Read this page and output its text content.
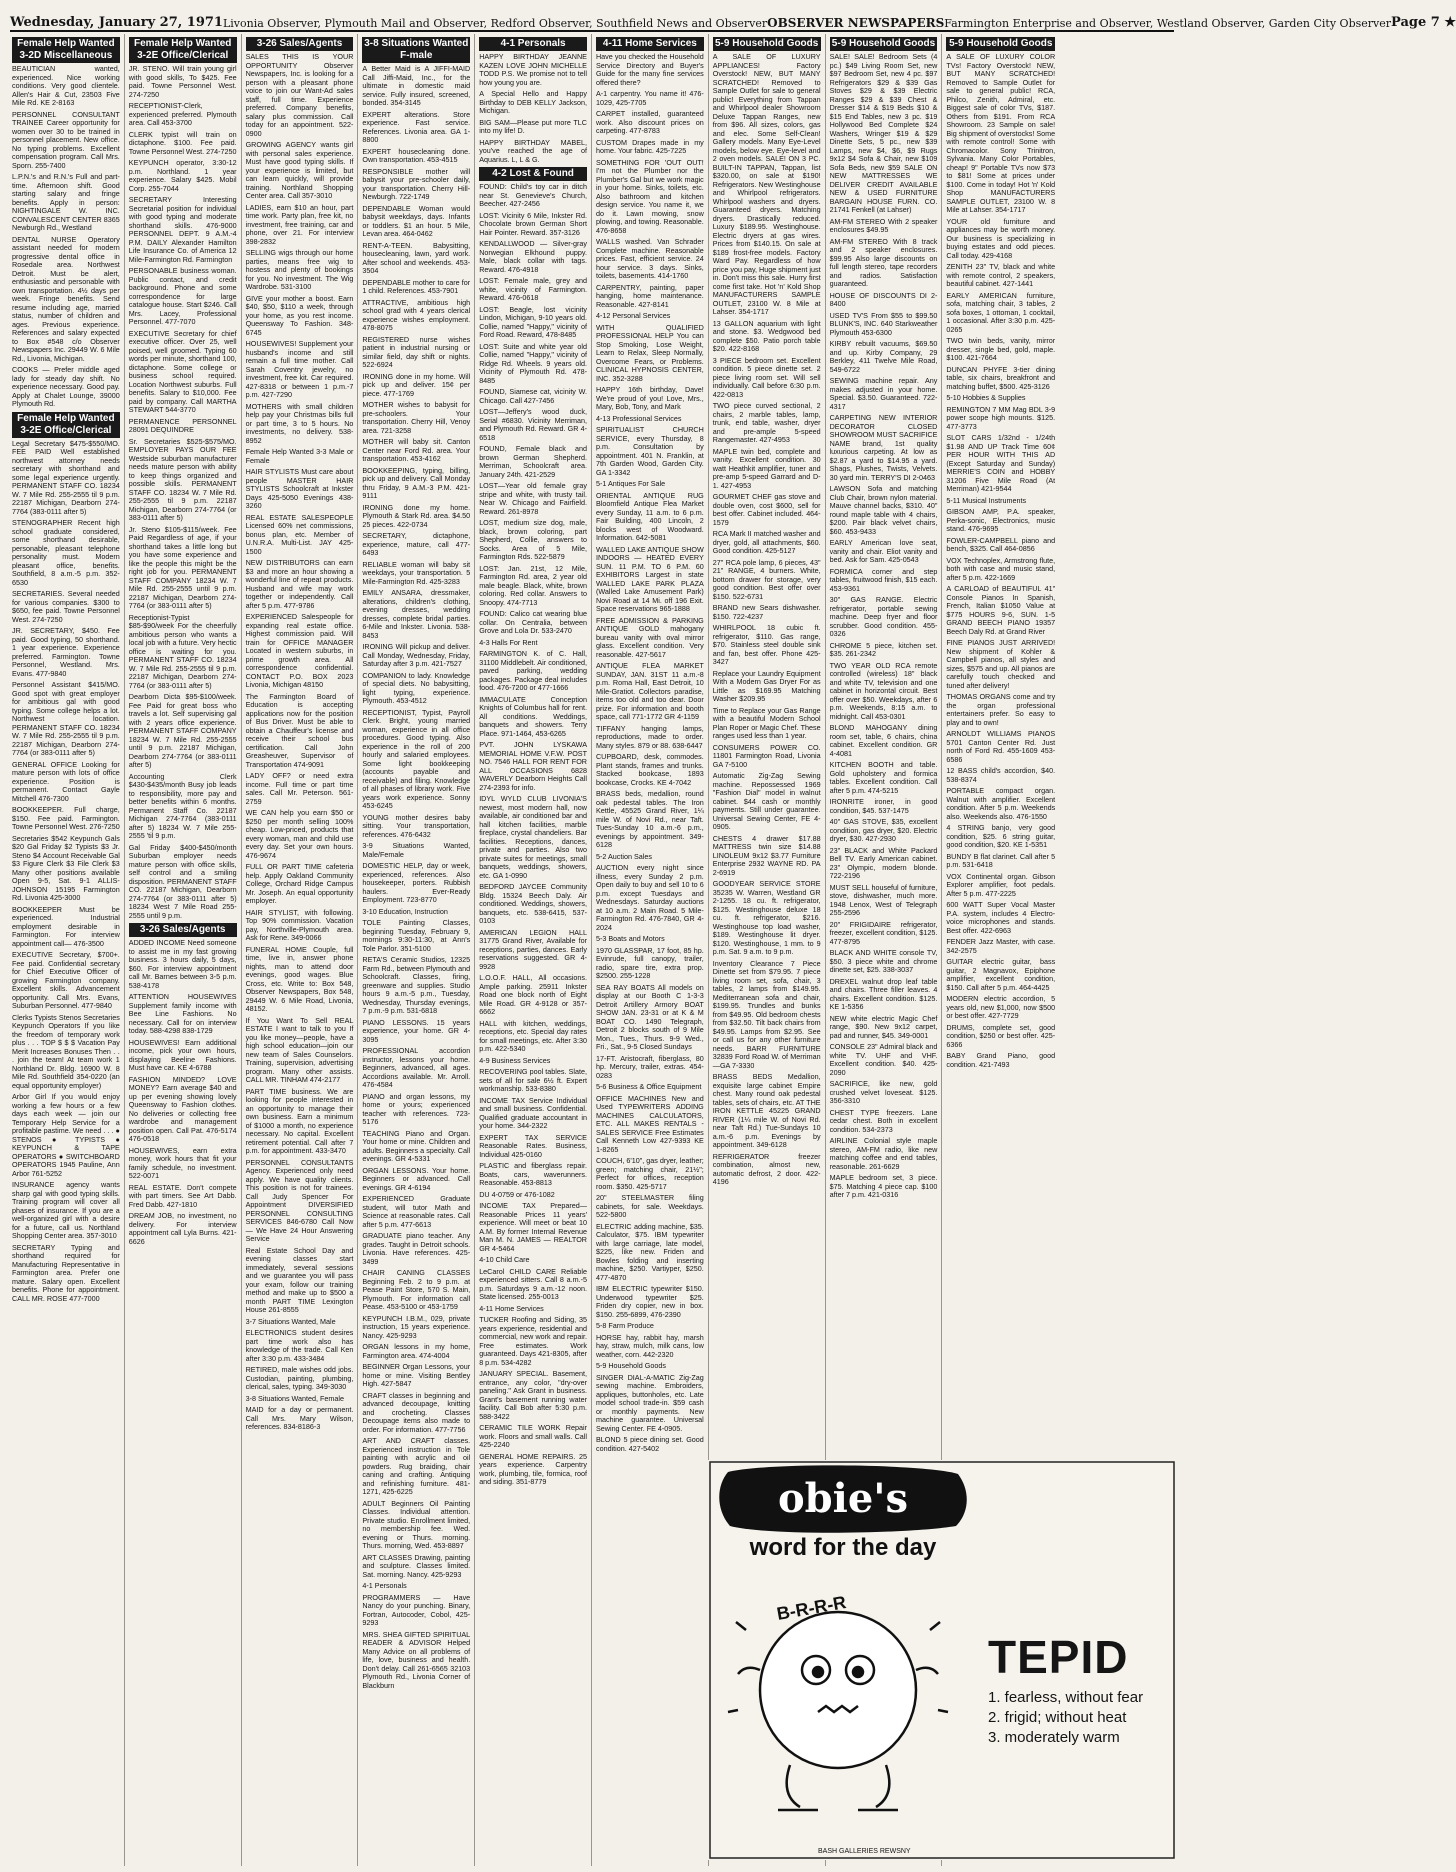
Wednesday, January 27, 1971 Livonia Observer, Plymouth Mail and Observer, Redford Observer, Southfield News and Observer OBSERVER NEWSPAPERS Farmington Enterprise and Observer, Westland Observer, Garden City Observer Page 7 ★
Female Help Wanted 3-2D Miscellaneous
BEAUTICIAN wanted, experienced. Nice working conditions. Very good clientele. Allen's Hair & Cut, 23503 Five Mile Rd. KE 2-8163
PERSONNEL CONSULTANT TRAINEE Career opportunity for women over 30 to be trained in personnel placement. New office. No typing problems. Excellent compensation program. Call Mrs. Sporn. 255-7400
L.P.N.'s and R.N.'s Full and part-time. Afternoon shift. Good starting salary and fringe benefits. Apply in person: NIGHTINGALE W. INC. CONVALESCENT CENTER 8365 Newburgh Rd., Westland
DENTAL NURSE Operatory assistant needed for modern progressive dental office in Rosedale area. Northwest Detroit. Must be alert, enthusiastic and personable with own transportation. 4½ days per week. Fringe benefits. Send resume including age, married status, number of children and ages. Previous experience. References and salary expected to Box #548 c/o Observer Newspapers Inc. 29449 W. 6 Mile Rd., Livonia, Michigan.
COOKS — Prefer middle aged lady for steady day shift. No experience necessary. Good pay. Apply at Chalet Lounge, 39000 Plymouth Rd.
Female Help Wanted 3-2E Office/Clerical
Legal Secretary $475-$550/MO. FEE PAID Well established northwest attorney needs secretary with shorthand and some legal experience urgently. PERMANENT STAFF CO. 18234 W. 7 Mile Rd. 255-2555 til 9 p.m. 22187 Michigan, Dearborn 274-7764 (383-0111 after 5)
STENOGRAPHER Recent high school graduate considered, some shorthand desirable, personable, pleasant telephone personality must. Modern pleasant office, benefits. Southfield, 8 a.m.-5 p.m. 352-6530
SECRETARIES. Several needed for various companies. $300 to $650, fee paid. Towne Personnel West. 274-7250
JR. SECRETARY, $450. Fee paid. Good typing, 50 shorthand. 1 year experience. Experience preferred. Farmington. Towne Personnel, Westland. Mrs. Evans. 477-9840
Personnel Assistant $415/MO. Good spot with great employer for ambitious gal with good typing. Some college helps a lot. Northwest location. PERMANENT STAFF CO. 18234 W. 7 Mile Rd. 255-2555 til 9 p.m. 22187 Michigan, Dearborn 274-7764 (or 383-0111 after 5)
GENERAL OFFICE Looking for mature person with lots of office experience. Position is permanent. Contact Gayle Mitchell 476-7300
BOOKKEEPER. Full charge, $150. Fee paid. Farmington. Towne Personnel West. 276-7250
Secretaries $542 Keypunch Gals $20 Gal Friday $2 Typists $3 Jr. Steno $4 Account Receivable Gal $3 Figure Clerk $3 File Clerk $3 Many other positions available Open 9-5, Sat. 9-1 ALLIS-JOHNSON 15195 Farmington Rd. Livonia 425-3000
BOOKKEEPER Must be experienced. Industrial employment desirable in Farmington. For interview appointment call— 476-3500
EXECUTIVE Secretary, $700+. Fee paid. Confidential secretary for Chief Executive Officer of growing Farmington company. Excellent skills. Advancement opportunity. Call Mrs. Evans, Suburban Personnel. 477-9840
Clerks Typists Stenos Secretaries Keypunch Operators If you like the freedom of temporary work plus . . . TOP $ $ $ Vacation Pay Merit Increases Bonuses Then . . . join the team! At team work 1 Northland Dr. Bldg. 16900 W. 8 Mile Rd. Southfield 354-0220 (an equal opportunity employer)
Arbor Girl If you would enjoy working a few hours or a few days each week — join our Temporary Help Service for a profitable pastime. We need . . . ● STENOS ● TYPISTS ● KEYPUNCH & TAPE OPERATORS ● SWITCHBOARD OPERATORS 1945 Pauline, Ann Arbor 761-5252
INSURANCE agency wants sharp gal with good typing skills. Training program will cover all phases of insurance. If you are a well-organized girl with a desire for a future, call us. Northland Shopping Center area. 357-3010
SECRETARY Typing and shorthand required for Manufacturing Representative in Farmington area. Prefer one mature. Salary open. Excellent benefits. Phone for appointment. CALL MR. ROSE 477-7000
Female Help Wanted 3-2E Office/Clerical
JR. STENO. Will train young girl with good skills, To $425. Fee paid. Towne Personnel West. 274-7250
RECEPTIONIST-Clerk, experienced preferred. Plymouth area. Call 453-3700
CLERK typist will train on dictaphone. $100. Fee paid. Towne Personnel West. 274-7250
KEYPUNCH operator, 3:30-12 p.m. Northland. 1 year experience. Salary $425. Mobil Corp. 255-7044
SECRETARY Interesting Secretarial position for individual with good typing and moderate shorthand skills. 476-9000 PERSONNEL DEPT. 9 A.M.-4 P.M. DAILY Alexander Hamilton Life Insurance Co. of America 12 Mile-Farmington Rd. Farmington
PERSONABLE business woman. Public contact, and credit background. Phone and some correspondence for large catalogue house. Start $246. Call Mrs. Lacey, Professional Personnel. 477-7070
EXECUTIVE Secretary for chief executive officer. Over 25, well poised, well groomed. Typing 60 words per minute, shorthand 100, dictaphone. Some college or business school required. Location Northwest suburbs. Full benefits. Salary to $10,000. Fee paid by company. Call MARTHA STEWART 544-3770
PERMANENCE PERSONNEL 28091 DEQUINDRE
Sr. Secretaries $525-$575/MO. EMPLOYER PAYS OUR FEE Westside suburban manufacturer needs mature person with ability to keep things organized and possible skills. PERMANENT STAFF CO. 18234 W. 7 Mile Rd. 255-2555 til 9 p.m. 22187 Michigan, Dearborn 274-7764 (or 383-0111 after 5)
Jr. Steno $105-$115/week. Fee Paid Regardless of age, if your shorthand takes a little long but you have some experience and like the people this might be the right job for you. PERMANENT STAFF COMPANY 18234 W. 7 Mile Rd. 255-2555 until 9 p.m. 22187 Michigan, Dearborn 274-7764 (or 383-0111 after 5)
Receptionist-Typist $85-$90/week For the cheerfully ambitious person who wants a local job with a future. Very hectic office is waiting for you. PERMANENT STAFF CO. 18234 W. 7 Mile Rd. 255-2555 til 9 p.m. 22187 Michigan, Dearborn 274-7764 (or 383-0111 after 5)
Dearborn Dicta $95-$100/week. Fee Paid for great boss who travels a lot. Self supervising gal with 2 years office experience. PERMANENT STAFF COMPANY 18234 W. 7 Mile Rd. 255-2555 until 9 p.m. 22187 Michigan, Dearborn 274-7764 (or 383-0111 after 5)
Accounting Clerk $430-$435/month Busy job leads to responsibility, more pay and better benefits within 6 months. Permanent Staff Co. 22187 Michigan 274-7764 (383-0111 after 5) 18234 W. 7 Mile 255-2555 'til 9 p.m.
Gal Friday $400-$450/month Suburban employer needs mature person with office skills, self control and a smiling disposition. PERMANENT STAFF CO. 22187 Michigan, Dearborn 274-7764 (or 383-0111 after 5) 18234 West 7 Mile Road 255-2555 until 9 p.m.
3-26 Sales/Agents
ADDED INCOME Need someone to assist me in my fast growing business. 3 hours daily, 5 days, $60. For interview appointment call Mr. Barnes between 3-5 p.m. 538-4178
ATTENTION HOUSEWIVES Supplement family income with Bee Line Fashions. No necessary. Call for on interview today. 588-4298 838-1729
HOUSEWIVES! Earn additional income, pick your own hours, displaying Beeline Fashions. Must have car. KE 4-6788
FASHION MINDED? LOVE MONEY? Earn average $40 and up per evening showing lovely Queensway to Fashion clothes. No deliveries or collecting free wardrobe and management position open. Call Pat. 476-5174 476-0518
HOUSEWIVES, earn extra money, work hours that fit your family schedule, no investment. 522-0071
REAL ESTATE. Don't compete with part timers. See Art Dabb. Fred Dabb. 427-1810
DREAM JOB, no investment, no delivery. For interview appointment call Lyla Burns. 421-6626
3-26 Sales/Agents
SALES THIS IS YOUR OPPORTUNITY Observer Newspapers, Inc. is looking for a person with a pleasant phone voice to join our Want-Ad sales staff, full time. Experience preferred. Company benefits, salary plus commission. Call today for an appointment. 522-0900
GROWING AGENCY wants girl with personal sales experience. Must have good typing skills. If your experience is limited, but can learn quickly, will provide training. Northland Shopping Center area. Call 357-3010
LADIES, earn $10 an hour, part time work. Party plan, free kit, no investment, free training, car and phone, over 21. For interview 398-2832
SELLING wigs through our home parties, means free wig to hostess and plenty of bookings for you. No investment. The Wig Wardrobe. 531-3100
GIVE your mother a boost. Earn $40, $50, $110 a week, through your home, as you rest income. Queensway To Fashion. 348-6745
HOUSEWIVES! Supplement your husband's income and still remain a full time mother. Call Sarah Coventry jewelry, no investment, free kit. Car required. 427-8318 or between 1 p.m.-7 p.m. 427-7290
MOTHERS with small children help pay your Christmas bills full or part time, 3 to 5 hours. No investments, no delivery. 538-8952
Female Help Wanted 3-3 Male or Female
HAIR STYLISTS Must care about people MASTER HAIR STYLISTS Schoolcraft at Inkster Days 425-5050 Evenings 438-3260
REAL ESTATE SALESPEOPLE Licensed 60% net commissions, bonus plan, etc. Member of U.N.R.A. Multi-List. JAY 425-1500
NEW DISTRIBUTORS can earn $3 and more an hour showing a wonderful line of repeat products. Husband and wife may work together or independently. Call after 5 p.m. 477-9786
EXPERIENCED Salespeople for expanding real estate office. Highest commission paid. Will train for OFFICE MANAGER Located in western suburbs, in prime growth area. All correspondence confidential. CONTACT P.O. BOX 2023 Livonia, Michigan 48150
The Farmington Board of Education is accepting applications now for the position of Bus Driver. Must be able to obtain a Chauffeur's license and receive their school bus certification. Call John Greasheuver, Supervisor of Transportation 474-9091
LADY OFF? or need extra income. Full time or part time sales. Call Mr. Peterson. 561-2759
WE CAN help you earn $50 or $250 per month selling 100% cheap. Low-priced, products that every woman, man and child use every day. Set your own hours. 476-9674
FULL OR PART TIME cafeteria help. Apply Oakland Community College, Orchard Ridge Campus Mr. Joseph. An equal opportunity employer.
HAIR STYLIST, with following. Top 90% commission. Vacation pay, Northville-Plymouth area. Ask for Rene. 349-0066
FUNERAL HOME Couple, full time, live in, answer phone nights, man to attend door evenings, good wages. Blue Cross, etc. Write to: Box 548, Observer Newspapers, Box 548, 29449 W. 6 Mile Road, Livonia, 48152.
If You Want To Sell REAL ESTATE I want to talk to you If you like money—people, have a high school education—join our new team of Sales Counselors. Training, supervision, advertising program. Many other assists. CALL MR. TINHAM 474-2177
PART TIME business. We are looking for people interested in an opportunity to manage their own business. Earn a minimum of $1000 a month, no experience necessary. No capital. Excellent retirement potential. Call after 7 p.m. for appointment. 433-3470
PERSONNEL CONSULTANTS Agency. Experienced only need apply. We have quality clients. This position is not for trainees. Call Judy Spencer For Appointment DIVERSIFIED PERSONNEL CONSULTING SERVICES 846-6780 Call Now — We Have 24 Hour Answering Service
Real Estate School Day and evening classes start immediately, several sessions and we guarantee you will pass your exam, follow our training method and make up to $500 a month PART TIME Lexington House 261-8555
3-7 Situations Wanted, Male
ELECTRONICS student desires part time work also has knowledge of the trade. Call Ken after 3:30 p.m. 433-3484
RETIRED, male wishes odd jobs. Custodian, painting, plumbing, clerical, sales, typing. 349-3030
3-8 Situations Wanted, Female
MAID for a day or permanent. Call Mrs. Mary Wilson, references. 834-8186-3
3-8 Situations Wanted F-male
A Better Maid is A JIFFI-MAID Call Jiffi-Maid, Inc., for the ultimate in domestic maid service. Fully insured, screened, bonded. 354-3145
EXPERT alterations. Store experience. Fast service. References. Livonia area. GA 1-8800
EXPERT housecleaning done. Own transportation. 453-4515
RESPONSIBLE mother will babysit your pre-schooler daily, your transportation. Cherry Hill-Newburgh. 722-1749
DEPENDABLE Woman would babysit weekdays, days. Infants or toddlers. $1 an hour. 5 Mile, Levan area. 464-0462
RENT-A-TEEN. Babysitting, housecleaning, lawn, yard work. After school and weekends. 453-3504
DEPENDABLE mother to care for 1 child. References. 453-7901
ATTRACTIVE, ambitious high school grad with 4 years clerical experience wishes employment. 478-8075
REGISTERED nurse wishes patient in industrial nursing or similar field, day shift or nights. 522-6924
IRONING done in my home. Will pick up and deliver. 15¢ per piece. 477-1769
MOTHER wishes to babysit for pre-schoolers. Your transportation. Cherry Hill, Venoy area. 721-3258
MOTHER will baby sit. Canton Center near Ford Rd. area. Your transportation. 453-4162
BOOKKEEPING, typing, billing, pick up and delivery. Call Monday thru Friday, 9 A.M.-3 P.M. 421-9111
IRONING done my home. Plymouth & Stark Rd. area. $4.50 25 pieces. 422-0734
SECRETARY, dictaphone, experience, mature, call 477-6493
RELIABLE woman will baby sit weekdays, your transportation. 5 Mile-Farmington Rd. 425-3283
EMILY ANSARA, dressmaker, alterations, children's clothing, evening dresses, wedding dresses, complete bridal parties. 6-Mile and Inkster. Livonia. 538-8453
IRONING Will pickup and deliver. Call Monday, Wednesday, Friday, Saturday after 3 p.m. 421-7527
COMPANION to lady. Knowledge of special diets. No babysitting, light typing, experience. Plymouth. 453-4512
RECEPTIONIST, Typist, Payroll Clerk. Bright, young married woman, experience in all office procedures. Good typing. Also experience in the roll of 200 hourly and salaried employees. Some light bookkeeping (accounts payable and receivable) and filing. Knowledge of all phases of library work. Five years work experience. Sonny 453-6245
YOUNG mother desires baby sitting. Your transportation, references. 476-6432
3-9 Situations Wanted, Male/Female
DOMESTIC HELP, day or week, experienced, references. Also housekeeper, porters. Rubbish haulers. Ever-Ready Employment. 723-8770
3-10 Education, Instruction
TOLE Painting Classes, beginning Tuesday, February 9, mornings 9:30-11:30, at Ann's Tole Parlor. 351-5100
RETA'S Ceramic Studios, 12325 Farm Rd., between Plymouth and Schoolcraft. Classes, firing, greenware and supplies. Studio hours 9 a.m.-5 p.m., Tuesday, Wednesday, Thursday evenings, 7 p.m.-9 p.m. 531-6818
PIANO LESSONS. 15 years experience, your home. GR 4-3095
PROFESSIONAL accordion instructor, lessons your home. Beginners, advanced, all ages. Accordions available. Mr. Arroll. 476-4584
PIANO and organ lessons, my home or yours; experienced teacher with references. 723-5176
TEACHING Piano and Organ. Your home or mine. Children and adults. Beginners a specialty. Call evenings. GR 4-5331
ORGAN LESSONS. Your home. Beginners or advanced. Call evenings. GR 4-6194
EXPERIENCED Graduate student, will tutor Math and Science at reasonable rates. Call after 5 p.m. 477-6613
GRADUATE piano teacher. Any grades. Taught in Detroit schools. Livonia. Have references. 425-3499
CHAIR CANING CLASSES Beginning Feb. 2 to 9 p.m. at Pease Paint Store, 570 S. Main, Plymouth. For information call Pease. 453-5100 or 453-1759
KEYPUNCH I.B.M., 029, private instruction, 15 years experience. Nancy. 425-9293
ORGAN lessons in my home, Farmington area. 474-4004
BEGINNER Organ Lessons, your home or mine. Visiting Bentley High. 427-5847
CRAFT classes in beginning and advanced decoupage, knitting and crocheting. Classes Decoupage items also made to order. For information. 477-7756
ART AND CRAFT classes. Experienced instruction in Tole painting with acrylic and oil powders. Rug braiding, chair caning and crafting. Antiquing and refinishing furniture. 481-1271, 425-6225
ADULT Beginners Oil Painting Classes. Individual attention. Private studio. Enrollment limited, no membership fee. Wed. evening or Thurs. morning. Thurs. morning, Wed. 453-8897
ART CLASSES Drawing, painting and sculpture. Classes limited. Sat. morning. Nancy. 425-9293
4-1 Personals
PROGRAMMERS — Have Nancy do your punching. Binary, Fortran, Autocoder, Cobol, 425-9293
MRS. SHEA GIFTED SPIRITUAL READER & ADVISOR Helped Many Advice on all problems of life, love, business and health. Don't delay. Call 261-6565 32103 Plymouth Rd., Livonia Corner of Blackburn
4-1 Personals
HAPPY BIRTHDAY JEANNE KAZEN LOVE JOHN MICHELLE TODD P.S. We promise not to tell how young you are.
A Special Hello and Happy Birthday to DEB KELLY Jackson, Michigan.
BIG SAM—Please put more TLC into my life! D.
HAPPY BIRTHDAY MABEL, you've reached the age of Aquarius. L, L & G.
4-2 Lost & Found
FOUND: Child's toy car in ditch near St. Genevieve's Church, Beecher. 427-2456
LOST: Vicinity 6 Mile, Inkster Rd. Chocolate brown German Short Hair Pointer. Reward. 357-3126
KENDALLWOOD — Silver-gray Norwegian Elkhound puppy. Male, black collar with tags. Reward. 476-4918
LOST: Female male, grey and white, vicinity of Farmington. Reward. 476-0618
LOST: Beagle, lost vicinity Lindon, Michigan, 9-10 years old. Collie, named "Happy," vicinity of Ford Road. Reward, 478-8485
LOST: Suite and white year old Collie, named "Happy," vicinity of Ridge Rd. Wheels. 9 years old. Vicinity of Plymouth Rd. 478-8485
FOUND, Siamese cat, vicinity W. Chicago. Call 427-7456
LOST—Jeffery's wood duck, Serial #6830. Vicinity Merriman, and Plymouth Rd. Reward. GR 4-6518
FOUND, Female black and brown German Shepherd. Merriman, Schoolcraft area. January 24th. 421-2529
LOST—Year old female gray stripe and white, with trusty tail. Near W. Chicago and Fairfield. Reward. 261-8978
LOST, medium size dog, male, black, brown coloring, part Shepherd, Collie, answers to Socks. Area of 5 Mile, Farmington Rds. 522-5879
LOST: Jan. 21st, 12 Mile, Farmington Rd. area, 2 year old male beagle. Black, white, brown coloring. Red collar. Answers to Snoopy. 474-7713
FOUND: Calico cat wearing blue collar. On Centralia, between Grove and Lola Dr. 533-2470
4-3 Halls For Rent
FARMINGTON K. of C. Hall, 31100 Middlebelt. Air conditioned, paved parking, wedding packages. Package deal includes food. 476-7200 or 477-1666
IMMACULATE Conception Knights of Columbus hall for rent. All conditions. Weddings, banquets and showers. Terry Place. 971-1464, 453-6265
PVT. JOHN LYSKAWA MEMORIAL HOME V.F.W. POST NO. 7546 HALL FOR RENT FOR ALL OCCASIONS 6828 WAVERLY Dearborn Heights Call 274-2393 for info.
IDYL WYLD CLUB LIVONIA'S newest, most modern hall, now available, air conditioned bar and hall kitchen facilities, marble fireplace, crystal chandeliers. Bar facilities. Receptions, dances, private and parties. Also two private suites for meetings, small banquets, weddings, showers, etc. GA 1-0990
BEDFORD JAYCEE Community Bldg. 15324 Beech Daly. Air conditioned. Weddings, showers, banquets, etc. 538-6415, 537-0103
AMERICAN LEGION HALL 31775 Grand River, Available for receptions, parties, dances. Early reservations suggested. GR 4-9928
L.O.O.F. HALL, All occasions. Ample parking. 25911 Inkster Road one block north of Eight Mile Road. GR 4-9128 or 357-6662
HALL with kitchen, weddings, receptions, etc. Special day rates for small meetings, etc. After 3:30 p.m. 422-5340
4-9 Business Services
RECOVERING pool tables. Slate, sets of all for sale 6½ ft. Expert workmanship. 533-8380
INCOME TAX Service Individual and small business. Confidential. Qualified graduate accountant in your home. 344-2322
EXPERT TAX SERVICE Reasonable Rates. Business, Individual 425-0160
PLASTIC and fiberglass repair. Boats, cars, waverunners. Reasonable. 453-8813
DU 4-0759 or 476-1082
INCOME TAX Prepared—Reasonable Prices 11 years' experience. Will meet or beat 10 A.M. By former Internal Revenue Man M. N. JAMES — REALTOR GR 4-5464
4-10 Child Care
LeCarol CHILD CARE Reliable experienced sitters. Call 8 a.m.-5 p.m. Saturdays 9 a.m.-12 noon. State licensed. 255-0013
4-11 Home Services
TUCKER Roofing and Siding, 35 years experience, residential and commercial, new work and repair. Free estimates. Work guaranteed. Days 421-8305, after 8 p.m. 534-4282
JANUARY SPECIAL. Basement, entrance, any color, "dry-over paneling." Ask Grant in business. Grant's basement running water facility. Call Bob after 5:30 p.m. 588-3422
CERAMIC TILE WORK Repair work. Floors and small walls. Call 425-2240
GENERAL HOME REPAIRS. 25 years experience. Carpentry work, plumbing, tile, formica, roof and siding. 351-8779
4-11 Home Services
Have you checked the Household Service Directory and Buyer's Guide for the many fine services offered there?
A-1 carpentry. You name it! 476-1029, 425-7705
CARPET installed, guaranteed work. Also discount prices on carpeting. 477-8783
CUSTOM Drapes made in my home. Your fabric. 425-7225
SOMETHING FOR 'OUT OUT! I'm not the Plumber nor the Plumber's Gal but we work magic in your home. Sinks, toilets, etc. Also bathroom and kitchen design service. You name it, we do it. Lawn mowing, snow plowing, and towing. Reasonable. 476-8658
WALLS washed. Van Schrader Complete machine. Reasonable prices. Fast, efficient service. 24 hour service. 3 days. Sinks, toilets, basements. 414-1760
CARPENTRY, painting, paper hanging, home maintenance. Reasonable. 427-8141
4-12 Personal Services
WITH QUALIFIED PROFESSIONAL HELP You can Stop Smoking, Lose Weight, Learn to Relax, Sleep Normally, Overcome Fears, or Problems. CLINICAL HYPNOSIS CENTER, INC. 352-3288
HAPPY 16th birthday, Dave! We're proud of you! Love, Mrs., Mary, Bob, Tony, and Mark
4-13 Professional Services
SPIRITUALIST CHURCH SERVICE, every Thursday, 8 p.m. Consultation by appointment. 401 N. Franklin, at 7th Garden Wood, Garden City. GA 1-3342
5-1 Antiques For Sale
ORIENTAL ANTIQUE RUG Bloomfield Antique Flea Market every Sunday, 11 a.m. to 6 p.m. Fair Building, 400 Lincoln, 2 blocks west of Woodward. Information. 642-5081
WALLED LAKE ANTIQUE SHOW INDOORS — HEATED EVERY SUN. 11 P.M. TO 6 P.M. 60 EXHIBITORS Largest in state WALLED LAKE PARK PLAZA (Walled Lake Amusement Park) Novi Road at 14 Mi. off 196 Exit. Space reservations 965-1888
FREE ADMISSION & PARKING ANTIQUE GOLD mahogany bureau vanity with oval mirror glass. Excellent condition. Very reasonable. 427-5617
ANTIQUE FLEA MARKET SUNDAY, JAN. 31ST 11 a.m.-8 p.m. Roma Hall, East Detroit, 10 Mile-Gratiot. Collectors paradise, items too old and too dear. Door prize. For information and booth space, call 771-1772 GR 4-1159
TIFFANY hanging lamps, reproductions, made to order. Many styles. 879 or 88. 638-6447
CUPBOARD, desk, commodes. Plant stands, frames and trunks. Stacked bookcase, 1893 bookcase, Crocks. KE 4-7042
BRASS beds, medallion, round oak pedestal tables. The Iron Kettle, 45525 Grand River, 1¼ mile W. of Novi Rd., near Taft. Tues-Sunday 10 a.m.-6 p.m., evenings by appointment. 349-6128
5-2 Auction Sales
AUCTION every night since illness, every Sunday 2 p.m. Open daily to buy and sell 10 to 6 p.m. except Tuesdays and Wednesdays. Saturday auctions at 10 a.m. 2 Main Road. 5 Mile-Farmington Rd. 476-7840, GR 4-2024
5-3 Boats and Motors
1970 GLASSPAR, 17 foot, 85 hp. Evinrude, full canopy, trailer, radio, spare tire, extra prop. $2500. 255-1228
SEA RAY BOATS All models on display at our Booth C 1-3-3 Detroit Artillery Armory BOAT SHOW JAN. 23-31 or at K & M BOAT CO. 1490 Telegraph, Detroit 2 blocks south of 9 Mile Mon., Tues., Thurs. 9-9 Wed., Fri., Sat., 9-5 Closed Sundays
17-FT. Aristocraft, fiberglass, 80 hp. Mercury, trailer, extras. 454-0283
5-6 Business & Office Equipment
OFFICE MACHINES New and Used TYPEWRITERS ADDING MACHINES CALCULATORS, ETC. ALL MAKES RENTALS - SALES SERVICE Free Estimates Call Kenneth Low 427-9393 KE 1-8265
COUCH, 6'10", gas dryer, leather; green; matching chair, 21½"; Perfect for offices, reception room. $350. 425-5717
20" STEELMASTER filing cabinets, for sale. Weekdays. 522-5800
ELECTRIC adding machine, $35. Calculator, $75. IBM typewriter with large carriage, late model, $225, like new. Friden and Bowles folding and inserting machine, $250. Vartiyper, $250. 477-4870
IBM ELECTRIC typewriter $150. Underwood typewriter $25. Friden dry copier, new in box. $150. 255-6899, 476-2390
5-8 Farm Produce
HORSE hay, rabbit hay, marsh hay, straw, mulch, milk cans, low weather, corn. 442-2320
5-9 Household Goods
SINGER DIAL-A-MATIC Zig-Zag sewing machine. Embroiders, appliques, buttonholes, etc. Late model school trade-in. $59 cash or monthly payments. New machine guarantee. Universal Sewing Center. FE 4-0905.
BLOND 5 piece dining set. Good condition. 427-5402
5-9 Household Goods
A SALE OF LUXURY APPLIANCES! Factory Overstock! NEW, BUT MANY SCRATCHED! Removed to Sample Outlet for sale to general public! Everything from Tappan and Whirlpool dealer Showroom Deluxe Tappan Ranges, new from $96. All sizes, colors, gas and elec. Some Self-Clean! Gallery models. Many Eye-Level models, below eye. Eye-level and 2 oven models. SALE! ON 3 PC. BUILT-IN TAPPAN, Tappan, list $320.00, on sale at $190! Refrigerators. New Westinghouse and Whirlpool refrigerators. Whirlpool washers and dryers. Guaranteed dryers. Matching dryers. Drastically reduced. Luxury $189.95. Westinghouse. Electric dryers at gas wires. Prices from $140.15. On sale at $189 frost-free models. Factory Ward Pay. Regardless of how price you pay, Huge shipment just in. Don't miss this sale. Hurry first come first take. Hot 'n' Kold Shop MANUFACTURERS SAMPLE OUTLET, 23100 W. 8 Mile at Lahser. 354-1717
13 GALLON aquarium with light and stone. $3. Wedgwood bed complete $50. Patio porch table $20. 422-8168
3 PIECE bedroom set. Excellent condition. 5 piece dinette set. 2 piece living room set. Will sell individually. Call before 6:30 p.m. 422-0813
TWO piece curved sectional, 2 chairs, 2 marble tables, lamp, trunk, end table, washer, dryer and pre-ample 5-speed Rangemaster. 427-4953
MAPLE twin bed, complete and vanity. Excellent condition. 30 watt Heathkit amplifier, tuner and pre-amp 5-speed Garrard and D-1. 427-4953
GOURMET CHEF gas stove and double oven, cost $600, sell for best offer. Cabinet included. 464-1579
RCA Mark II matched washer and dryer, gold, all attachments, $60. Good condition. 425-5127
27" RCA pole lamp, 6 pieces, 43" 21" RANGE, 4 burners. White, bottom drawer for storage, very good condition. Best offer over $150. 522-6731
BRAND new Sears dishwasher. $150. 722-4237
WHIRLPOOL 18 cubic ft. refrigerator, $110. Gas range, $70. Stainless steel double sink and fan, best offer. Phone 425-3427
Replace your Laundry Equipment With a Modern Gas Dryer For as Little as $169.95 Matching Washer $209.95
Time to Replace your Gas Range with a beautiful Modern School Plan Roper or Magic Chef. These ranges used less than 1 year.
CONSUMERS POWER CO. 11801 Farmington Road, Livonia GA 7-5100
Automatic Zig-Zag Sewing machine. Repossessed 1969 "Fashion Dial" model in walnut cabinet. $44 cash or monthly payments. Still under guarantee. Universal Sewing Center, FE 4-0905.
CHESTS 4 drawer $17.88 MATTRESS twin size $14.88 LINOLEUM 9x12 $3.77 Furniture Enterprise 2932 WAYNE RD. PA 2-6919
GOODYEAR SERVICE STORE 35235 W. Warren, Westland GR 2-1255. 18 cu. ft. refrigerator, $125. Westinghouse deluxe 18 cu. ft. refrigerator, $216. Westinghouse top load washer, $189. Westinghouse lit dryer. $120. Westinghouse, 1 mm. to 9 p.m. Sat. 9 a.m. to 9 p.m.
Inventory Clearance 7 Piece Dinette set from $79.95. 7 piece living room set, sofa, chair, 3 tables, 2 lamps from $149.95. Mediterranean sofa and chair, $199.95. Trundles and bunks from $49.95. Old bedroom chests from $32.50. Tilt back chairs from $49.95. Lamps from $2.95. See or call us for any other furniture needs. BARR FURNITURE 32839 Ford Road W. of Merriman—GA 7-3330
BRASS BEDS Medallion, exquisite large cabinet Empire chest. Many round oak pedestal tables, sets of chairs, etc. AT THE IRON KETTLE 45225 GRAND RIVER (1¼ mile W. of Novi Rd. near Taft Rd.) Tue-Sundays 10 a.m.-6 p.m. Evenings by appointment. 349-6128
REFRIGERATOR freezer combination, almost new, automatic defrost, 2 door. 422-4196
5-9 Household Goods
SALE! SALE! Bedroom Sets (4 pc.) $49 Living Room Set, new $97 Bedroom Set, new 4 pc. $97 Refrigerators $29 & $39 Gas Stoves $29 & $39 Electric Ranges $29 & $39 Chest & Dresser $14 & $19 Beds $10 & $15 End Tables, new 3 pc. $19 Hollywood Bed Complete $24 Washers, Wringer $19 & $29 Dinette Sets, 5 pc., new $39 Lamps, new $4, $6, $9 Rugs 9x12 $4 Sofa & Chair, new $109 Sofa Beds, new $59 SALE ON NEW MATTRESSES WE DELIVER CREDIT AVAILABLE NEW & USED FURNITURE BARGAIN HOUSE FURN. CO. 21741 Fenkell (at Lahser)
AM-FM STEREO With 2 speaker enclosures $49.95
AM-FM STEREO With 8 track and 2 speaker enclosures. $99.95 Also large discounts on full length stereo, tape recorders and radios. Satisfaction guaranteed.
HOUSE OF DISCOUNTS DI 2-8400
USED TV'S From $55 to $99.50 BLUNK'S, INC. 640 Starkweather Plymouth 453-6300
KIRBY rebuilt vacuums, $69.50 and up. Kirby Company, 29 Berkley, 411 Twelve Mile Road, 549-6722
SEWING machine repair. Any makes adjusted in your home. Special. $3.50. Guaranteed. 722-4317
CARPETING NEW INTERIOR DECORATOR CLOSED SHOWROOM MUST SACRIFICE NAME brand, 1st quality luxurious carpeting. At low as $2.87 a yard to $14.95 a yard. Shags, Plushes, Twists, Velvets. 30 yard min. TERRY'S DI 2-0463
LAWSON Sofa and matching Club Chair, brown nylon material. Mauve channel backs, $310. 40" round maple table with 4 chairs, $200. Pair black velvet chairs, $60. 453-9433
EARLY American love seat, vanity and chair. Eliot vanity and bed. Ask for Sam. 425-0543
FORMICA corner and step tables, fruitwood finish, $15 each. 453-9361
30" GAS RANGE. Electric refrigerator, portable sewing machine. Deep fryer and floor scrubber. Good condition. 455-0326
CHROME 5 piece, kitchen set. $35. 261-2342
TWO YEAR OLD RCA remote controlled (wireless) 18" black and white TV, television and one cabinet in horizontal circuit. Best offer over $50. Weekdays, after 6 p.m. Weekends, 8:15 a.m. to midnight. Call 453-0301
BLOND MAHOGANY dining room set, table, 6 chairs, china cabinet. Excellent condition. GR 4-4081
KITCHEN BOOTH and table. Gold upholstery and formica tables. Excellent condition. Call after 5 p.m. 474-5215
IRONRITE ironer, in good condition, $45. 537-1475
40" GAS STOVE, $35, excellent condition, gas dryer, $20. Electric dryer, $30. 427-2930
23" BLACK and White Packard Bell TV. Early American cabinet. 23" Olympic, modern blonde. 722-2196
MUST SELL houseful of furniture, stove, dishwasher, much more. 1948 Lenox, West of Telegraph 255-2596
20" FRIGIDAIRE refrigerator, freezer, excellent condition, $125. 477-8795
BLACK AND WHITE console TV, $50. 3 piece white and chrome dinette set, $25. 338-3037
DREXEL walnut drop leaf table and chairs. Three filler leaves. 4 chairs. Excellent condition. $125. KE 1-5356
NEW white electric Magic Chef range, $90. New 9x12 carpet, pad and runner, $45. 349-0001
CONSOLE 23" Admiral black and white TV. UHF and VHF. Excellent condition. $40. 425-2090
SACRIFICE, like new, gold crushed velvet loveseat. $125. 356-3310
CHEST TYPE freezers. Lane cedar chest. Both in excellent condition. 534-2373
AIRLINE Colonial style maple stereo, AM-FM radio, like new matching coffee and end tables, reasonable. 261-6629
MAPLE bedroom set, 3 piece. $75. Matching 4 piece cap. $100 after 7 p.m. 421-0316
5-9 Household Goods
A SALE OF LUXURY COLOR TVs! Factory Overstock! NEW, BUT MANY SCRATCHED! Removed to Sample Outlet for sale to general public! RCA, Philco, Zenith, Admiral, etc. Biggest sale of color TVs, $187. Others from $191. From RCA Showroom. 23 Sample on sale! Big shipment of overstocks! Some with remote control! Some with Chromacolor. Sony Trinitron, Sylvania. Many Color Portables, cheap! 9" Portable TVs now $73 to $81! Some at prices under $100. Come in today! Hot 'n' Kold Shop MANUFACTURERS SAMPLE OUTLET, 23100 W. 8 Mile at Lahser. 354-1717
YOUR old furniture and appliances may be worth money. Our business is specializing in buying estates and odd pieces. Call today. 429-4168
ZENITH 23" TV, black and white with remote control, 2 speakers, beautiful cabinet. 427-1441
EARLY AMERICAN furniture, sofa, matching chair, 3 tables, 2 sofa boxes, 1 ottoman, 1 cocktail, 1 occasional. After 3:30 p.m. 425-0265
TWO twin beds, vanity, mirror dresser, single bed, gold, maple. $100. 421-7664
DUNCAN PHYFE 3-tier dining table, six chairs, breakfront and matching buffet, $500. 425-3126
5-10 Hobbies & Supplies
REMINGTON 7 MM Mag BDL 3-9 power scope high mounts. $125. 477-3773
SLOT CARS 1/32nd - 1/24th $1.98 AND UP Track Time 60¢ PER HOUR WITH THIS AD (Except Saturday and Sunday) MERRIE'S COIN and HOBBY 31206 Five Mile Road (At Merriman) 421-9544
5-11 Musical Instruments
GIBSON AMP, P.A. speaker, Perka-sonic, Electronics, music stand. 476-9695
FOWLER-CAMPBELL piano and bench, $325. Call 464-0856
VOX Technoplex, Armstrong flute, both with case and music stand, after 5 p.m. 422-1669
A CARLOAD of BEAUTIFUL 41" Console Pianos In Spanish, French, Italian $1050 Value at $775 HOURS 9-6, SUN. 1-5 GRAND BEECH PIANO 19357 Beech Daly Rd. at Grand River
FINE PIANOS JUST ARRIVED! New shipment of Kohler & Campbell pianos, all styles and sizes, $575 and up. All pianos are carefully touch checked and tuned after delivery!
THOMAS ORGANS come and try the organ professional entertainers prefer. So easy to play and to own!
ARNOLDT WILLIAMS PIANOS 5701 Canton Center Rd. Just north of Ford Rd. 455-1609 453-6586
12 BASS child's accordion, $40. 538-8374
PORTABLE compact organ. Walnut with amplifier. Excellent condition. After 5 p.m. Weekends also. Weekends also. 476-1550
4 STRING banjo, very good condition, $25. 6 string guitar, good condition, $20. KE 1-5351
BUNDY B flat clarinet. Call after 5 p.m. 531-6418
VOX Continental organ. Gibson Explorer amplifier, foot pedals. After 5 p.m. 477-2225
600 WATT Super Vocal Master P.A. system, includes 4 Electro-voice microphones and stands. Best offer. 422-6963
FENDER Jazz Master, with case. 342-2575
GUITAR electric guitar, bass guitar, 2 Magnavox, Epiphone amplifier, excellent condition, $150. Call after 5 p.m. 464-4425
MODERN electric accordion, 5 years old, new $1,000, now $500 or best offer. 427-7729
DRUMS, complete set, good condition, $250 or best offer. 425-6366
BABY Grand Piano, good condition. 421-7493
obie's
word for the day
B-R-R-R
TEPID
1. fearless, without fear
2. frigid; without heat
3. moderately warm
BASH GALLERIES REWSNY
